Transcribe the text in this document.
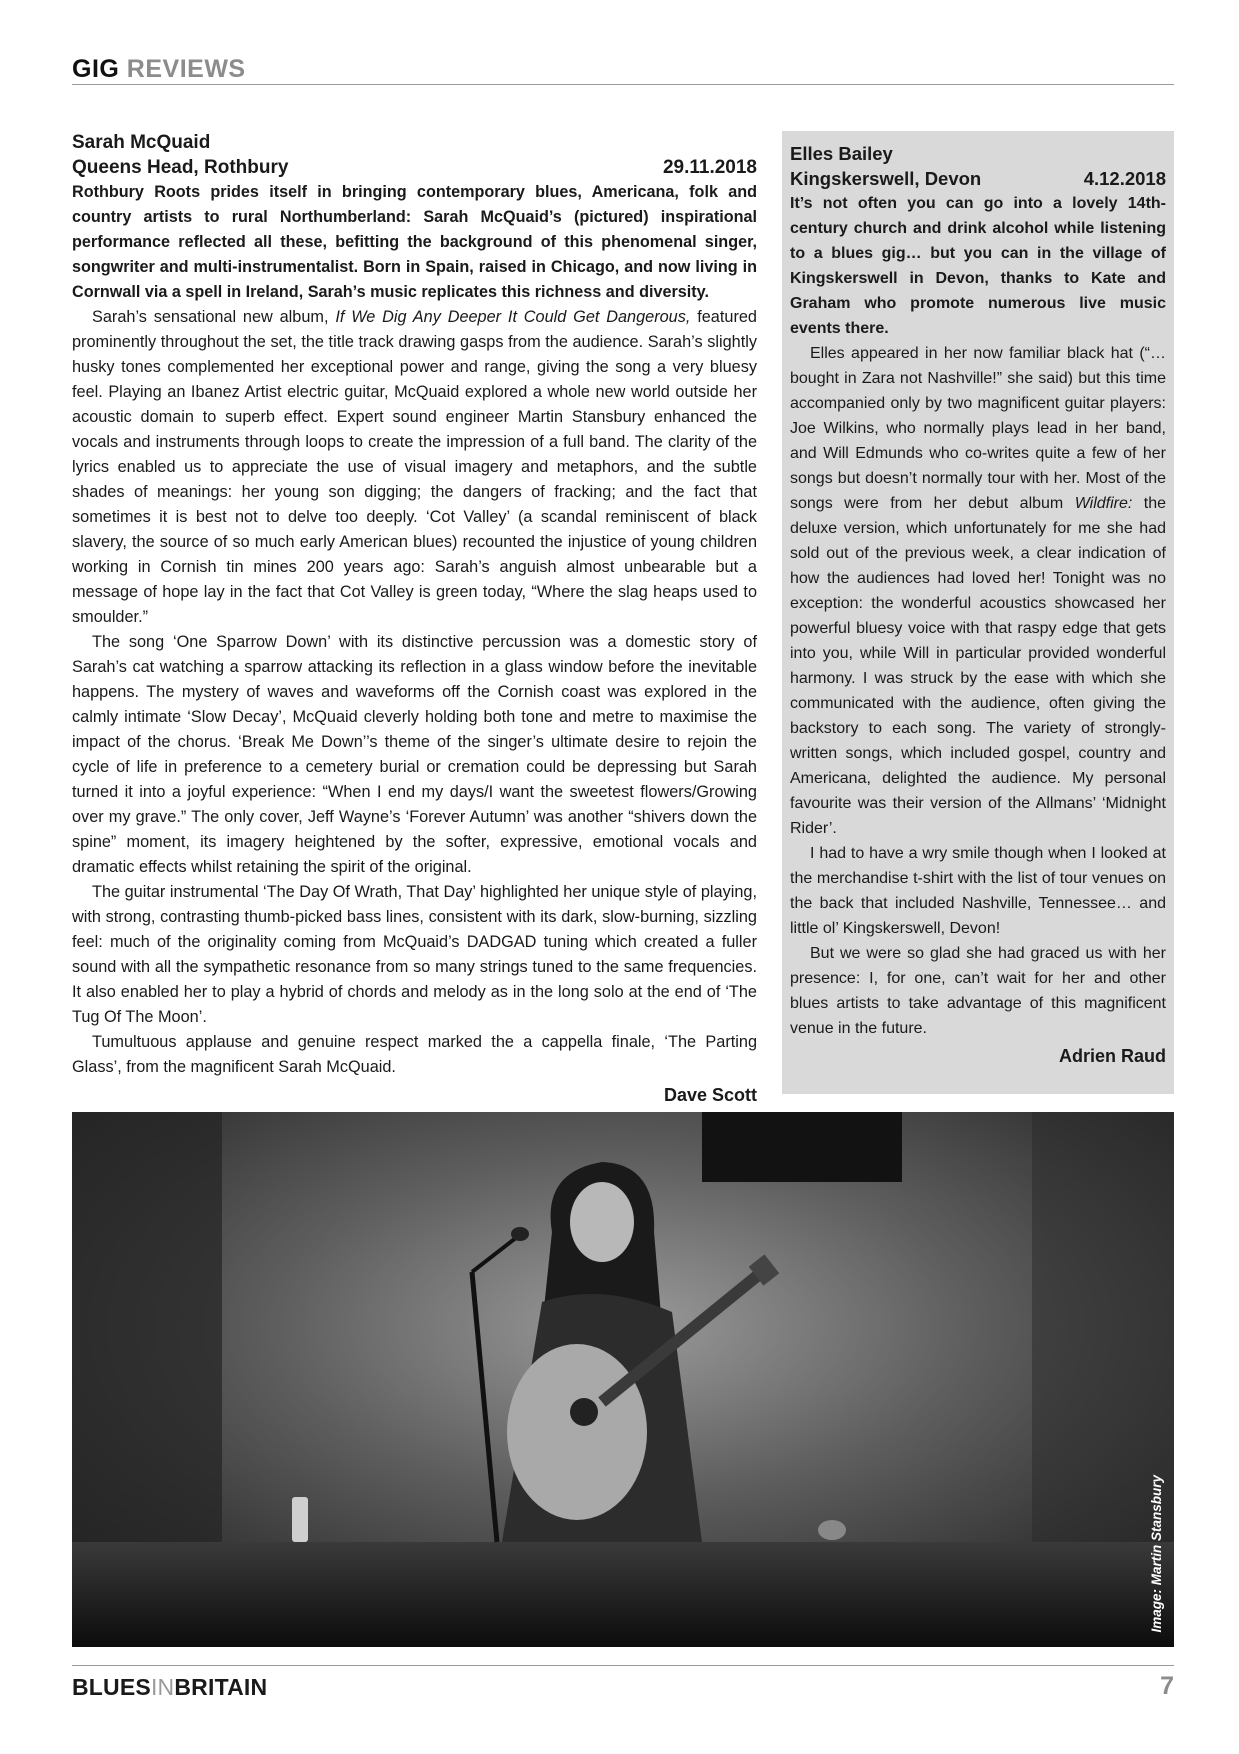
GIG REVIEWS
Sarah McQuaid
Queens Head, Rothbury	29.11.2018

Rothbury Roots prides itself in bringing contemporary blues, Americana, folk and country artists to rural Northumberland: Sarah McQuaid’s (pictured) inspirational performance reflected all these, befitting the background of this phenomenal singer, songwriter and multi-instrumentalist. Born in Spain, raised in Chicago, and now living in Cornwall via a spell in Ireland, Sarah’s music replicates this richness and diversity.

Sarah’s sensational new album, If We Dig Any Deeper It Could Get Dangerous, featured prominently throughout the set, the title track drawing gasps from the audience. Sarah’s slightly husky tones complemented her exceptional power and range, giving the song a very bluesy feel. Playing an Ibanez Artist electric guitar, McQuaid explored a whole new world outside her acoustic domain to superb effect. Expert sound engineer Martin Stansbury enhanced the vocals and instruments through loops to create the impression of a full band. The clarity of the lyrics enabled us to appreciate the use of visual imagery and metaphors, and the subtle shades of meanings: her young son digging; the dangers of fracking; and the fact that sometimes it is best not to delve too deeply. ‘Cot Valley’ (a scandal reminiscent of black slavery, the source of so much early American blues) recounted the injustice of young children working in Cornish tin mines 200 years ago: Sarah’s anguish almost unbearable but a message of hope lay in the fact that Cot Valley is green today, “Where the slag heaps used to smoulder.”

The song ‘One Sparrow Down’ with its distinctive percussion was a domestic story of Sarah’s cat watching a sparrow attacking its reflection in a glass window before the inevitable happens. The mystery of waves and waveforms off the Cornish coast was explored in the calmly intimate ‘Slow Decay’, McQuaid cleverly holding both tone and metre to maximise the impact of the chorus. ‘Break Me Down’’s theme of the singer’s ultimate desire to rejoin the cycle of life in preference to a cemetery burial or cremation could be depressing but Sarah turned it into a joyful experience: “When I end my days/I want the sweetest flowers/Growing over my grave.” The only cover, Jeff Wayne’s ‘Forever Autumn’ was another “shivers down the spine” moment, its imagery heightened by the softer, expressive, emotional vocals and dramatic effects whilst retaining the spirit of the original.

The guitar instrumental ‘The Day Of Wrath, That Day’ highlighted her unique style of playing, with strong, contrasting thumb-picked bass lines, consistent with its dark, slow-burning, sizzling feel: much of the originality coming from McQuaid’s DADGAD tuning which created a fuller sound with all the sympathetic resonance from so many strings tuned to the same frequencies. It also enabled her to play a hybrid of chords and melody as in the long solo at the end of ‘The Tug Of The Moon’.

Tumultuous applause and genuine respect marked the a cappella finale, ‘The Parting Glass’, from the magnificent Sarah McQuaid.

Dave Scott
Elles Bailey
Kingskerswell, Devon	4.12.2018

It’s not often you can go into a lovely 14th-century church and drink alcohol while listening to a blues gig… but you can in the village of Kingskerswell in Devon, thanks to Kate and Graham who promote numerous live music events there.

Elles appeared in her now familiar black hat (“…bought in Zara not Nashville!” she said) but this time accompanied only by two magnificent guitar players: Joe Wilkins, who normally plays lead in her band, and Will Edmunds who co-writes quite a few of her songs but doesn’t normally tour with her. Most of the songs were from her debut album Wildfire: the deluxe version, which unfortunately for me she had sold out of the previous week, a clear indication of how the audiences had loved her! Tonight was no exception: the wonderful acoustics showcased her powerful bluesy voice with that raspy edge that gets into you, while Will in particular provided wonderful harmony. I was struck by the ease with which she communicated with the audience, often giving the backstory to each song. The variety of strongly-written songs, which included gospel, country and Americana, delighted the audience. My personal favourite was their version of the Allmans’ ‘Midnight Rider’.

I had to have a wry smile though when I looked at the merchandise t-shirt with the list of tour venues on the back that included Nashville, Tennessee… and little ol’ Kingskerswell, Devon!

But we were so glad she had graced us with her presence: I, for one, can’t wait for her and other blues artists to take advantage of this magnificent venue in the future.

Adrien Raud
Image: Martin Stansbury
BLUESINBRITAIN	7
